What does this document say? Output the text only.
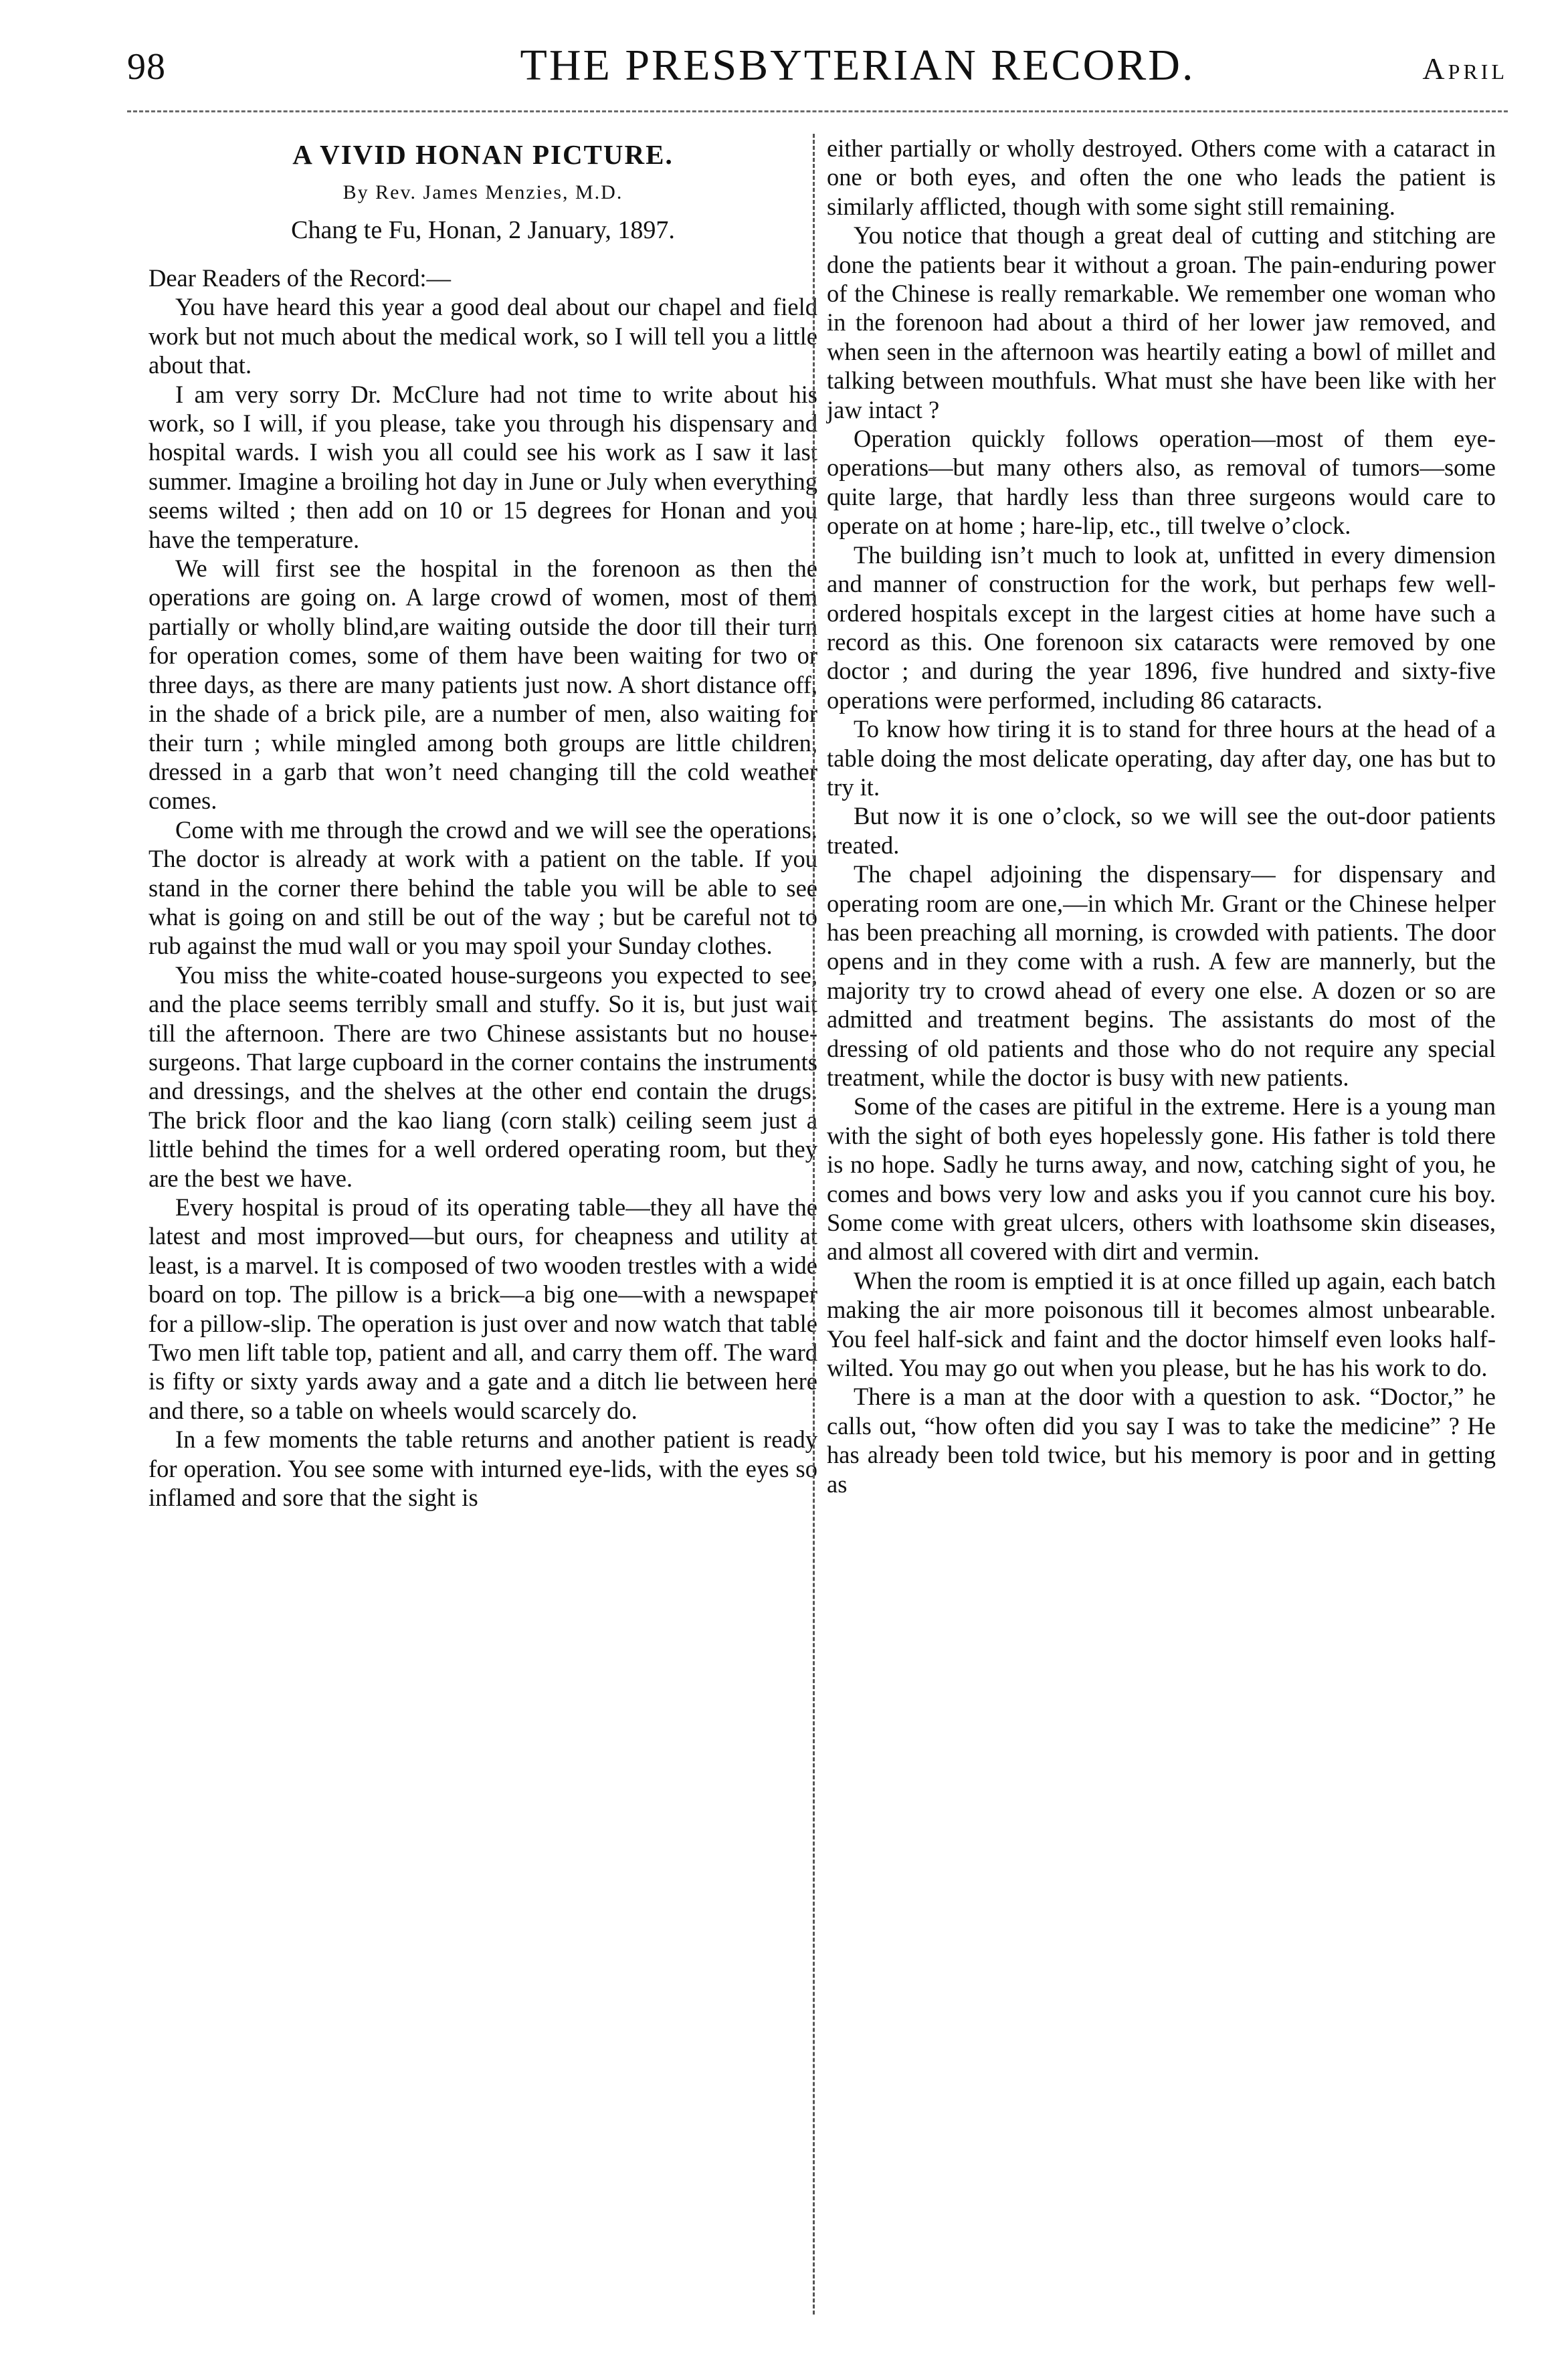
98	THE PRESBYTERIAN RECORD.	April
A VIVID HONAN PICTURE.
By Rev. James Menzies, M.D.
Chang te Fu, Honan, 2 January, 1897.

Dear Readers of the Record:—

You have heard this year a good deal about our chapel and field work but not much about the medical work, so I will tell you a little about that.

I am very sorry Dr. McClure had not time to write about his work, so I will, if you please, take you through his dispensary and hospital wards. I wish you all could see his work as I saw it last summer. Imagine a broiling hot day in June or July when everything seems wilted ; then add on 10 or 15 degrees for Honan and you have the temperature.

We will first see the hospital in the forenoon as then the operations are going on. A large crowd of women, most of them partially or wholly blind,are waiting outside the door till their turn for operation comes, some of them have been waiting for two or three days, as there are many patients just now. A short distance off, in the shade of a brick pile, are a number of men, also waiting for their turn ; while mingled among both groups are little children, dressed in a garb that won’t need changing till the cold weather comes.

Come with me through the crowd and we will see the operations. The doctor is already at work with a patient on the table. If you stand in the corner there behind the table you will be able to see what is going on and still be out of the way ; but be careful not to rub against the mud wall or you may spoil your Sunday clothes.

You miss the white-coated house-surgeons you expected to see, and the place seems terribly small and stuffy. So it is, but just wait till the afternoon. There are two Chinese assistants but no house-surgeons. That large cupboard in the corner contains the instruments and dressings, and the shelves at the other end contain the drugs. The brick floor and the kao liang (corn stalk) ceiling seem just a little behind the times for a well ordered operating room, but they are the best we have.

Every hospital is proud of its operating table—they all have the latest and most improved—but ours, for cheapness and utility at least, is a marvel. It is composed of two wooden trestles with a wide board on top. The pillow is a brick—a big one—with a newspaper for a pillow-slip. The operation is just over and now watch that table Two men lift table top, patient and all, and carry them off. The ward is fifty or sixty yards away and a gate and a ditch lie between here and there, so a table on wheels would scarcely do.

In a few moments the table returns and another patient is ready for operation. You see some with inturned eye-lids, with the eyes so inflamed and sore that the sight is

either partially or wholly destroyed. Others come with a cataract in one or both eyes, and often the one who leads the patient is similarly afflicted, though with some sight still remaining.

You notice that though a great deal of cutting and stitching are done the patients bear it without a groan. The pain-enduring power of the Chinese is really remarkable. We remember one woman who in the forenoon had about a third of her lower jaw removed, and when seen in the afternoon was heartily eating a bowl of millet and talking between mouthfuls. What must she have been like with her jaw intact ?

Operation quickly follows operation—most of them eye-operations—but many others also, as removal of tumors—some quite large, that hardly less than three surgeons would care to operate on at home ; hare-lip, etc., till twelve o’clock.

The building isn’t much to look at, unfitted in every dimension and manner of construction for the work, but perhaps few well-ordered hospitals except in the largest cities at home have such a record as this. One forenoon six cataracts were removed by one doctor ; and during the year 1896, five hundred and sixty-five operations were performed, including 86 cataracts.

To know how tiring it is to stand for three hours at the head of a table doing the most delicate operating, day after day, one has but to try it.

But now it is one o’clock, so we will see the out-door patients treated.

The chapel adjoining the dispensary— for dispensary and operating room are one,—in which Mr. Grant or the Chinese helper has been preaching all morning, is crowded with patients. The door opens and in they come with a rush. A few are mannerly, but the majority try to crowd ahead of every one else. A dozen or so are admitted and treatment begins. The assistants do most of the dressing of old patients and those who do not require any special treatment, while the doctor is busy with new patients.

Some of the cases are pitiful in the extreme. Here is a young man with the sight of both eyes hopelessly gone. His father is told there is no hope. Sadly he turns away, and now, catching sight of you, he comes and bows very low and asks you if you cannot cure his boy. Some come with great ulcers, others with loathsome skin diseases, and almost all covered with dirt and vermin.

When the room is emptied it is at once filled up again, each batch making the air more poisonous till it becomes almost unbearable. You feel half-sick and faint and the doctor himself even looks half-wilted. You may go out when you please, but he has his work to do.

There is a man at the door with a question to ask. “Doctor,” he calls out, “how often did you say I was to take the medicine” ? He has already been told twice, but his memory is poor and in getting as
